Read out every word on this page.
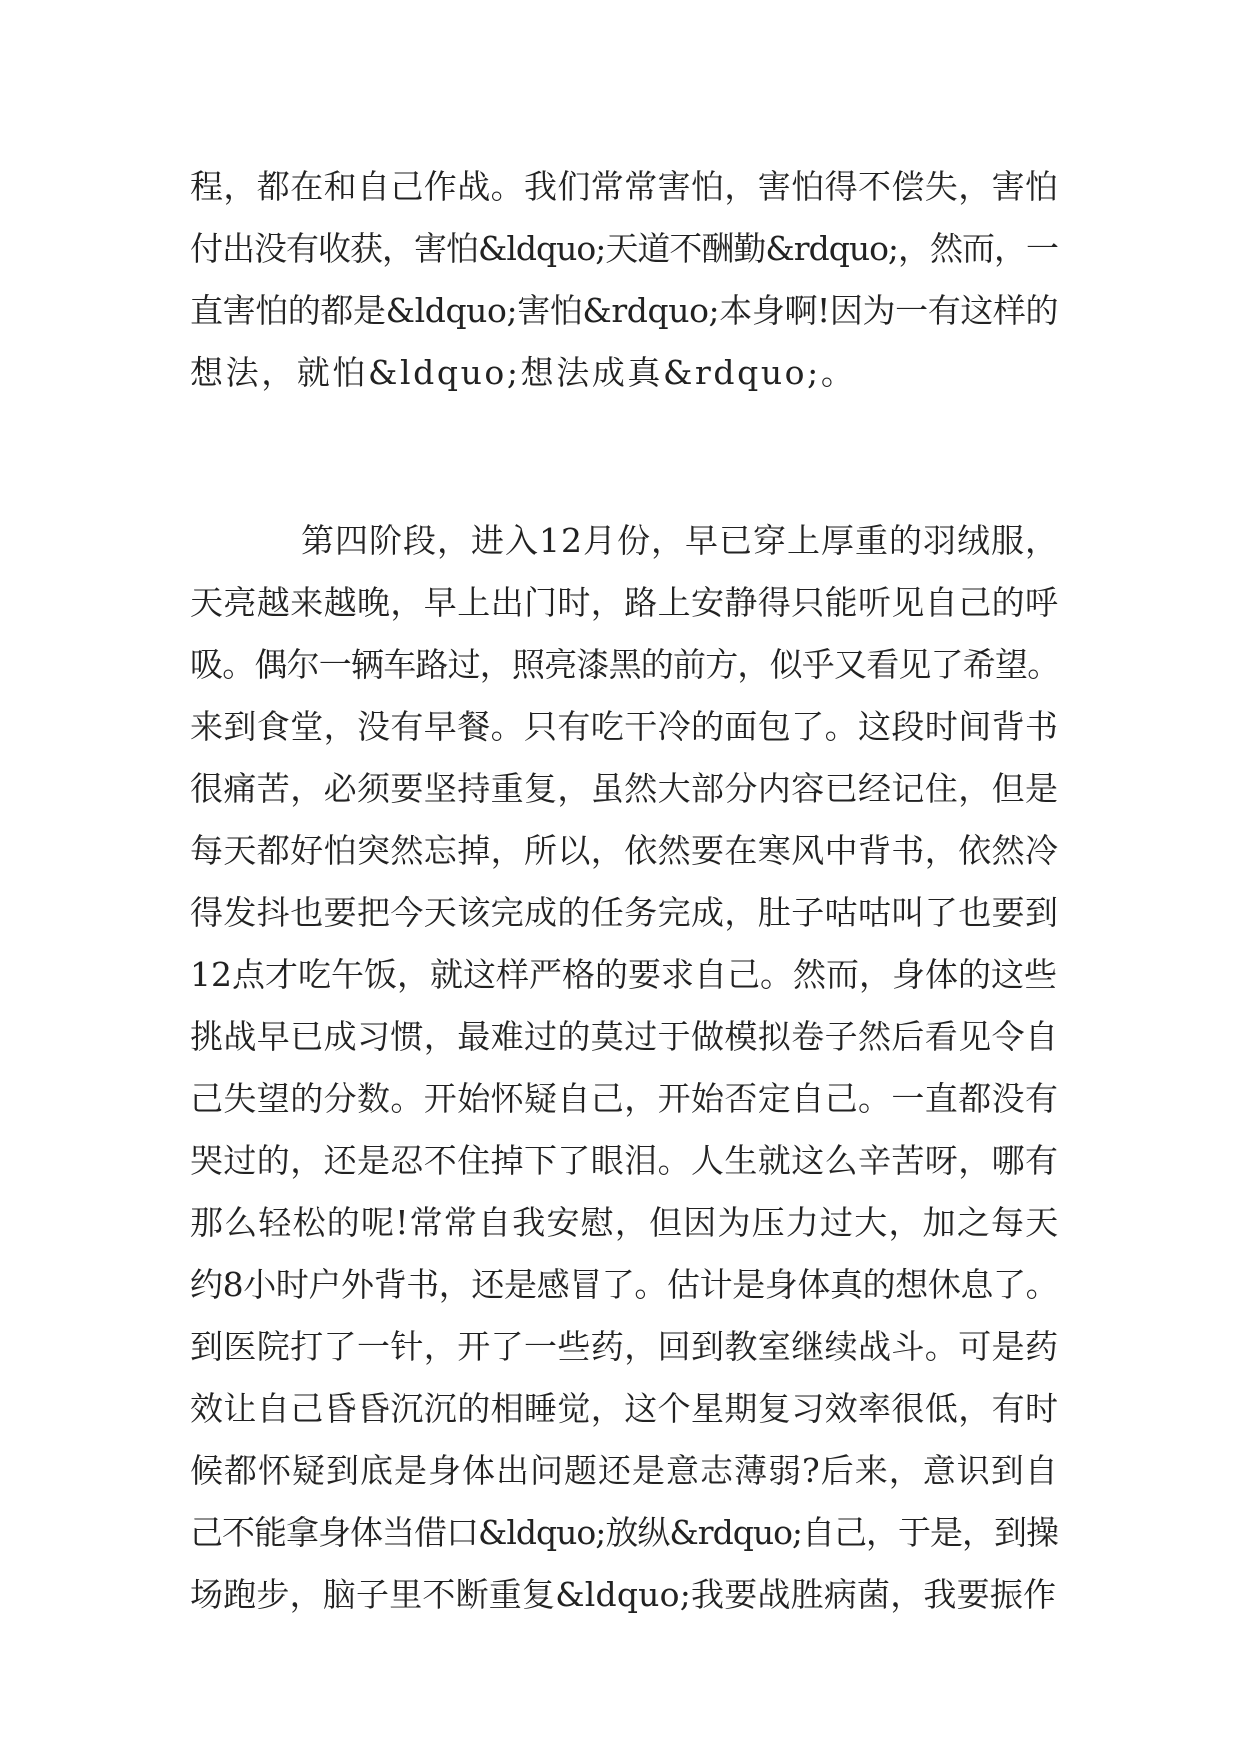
程，都在和自己作战。我们常常害怕，害怕得不偿失，害怕
付出没有收获，害怕&ldquo;天道不酬勤&rdquo;，然而，一
直害怕的都是&ldquo;害怕&rdquo;本身啊!因为一有这样的
想法，就怕&ldquo;想法成真&rdquo;。
第四阶段，进入12月份，早已穿上厚重的羽绒服，
天亮越来越晚，早上出门时，路上安静得只能听见自己的呼
吸。偶尔一辆车路过，照亮漆黑的前方，似乎又看见了希望。
来到食堂，没有早餐。只有吃干冷的面包了。这段时间背书
很痛苦，必须要坚持重复，虽然大部分内容已经记住，但是
每天都好怕突然忘掉，所以，依然要在寒风中背书，依然冷
得发抖也要把今天该完成的任务完成，肚子咕咕叫了也要到
12点才吃午饭，就这样严格的要求自己。然而，身体的这些
挑战早已成习惯，最难过的莫过于做模拟卷子然后看见令自
己失望的分数。开始怀疑自己，开始否定自己。一直都没有
哭过的，还是忍不住掉下了眼泪。人生就这么辛苦呀，哪有
那么轻松的呢!常常自我安慰，但因为压力过大，加之每天
约8小时户外背书，还是感冒了。估计是身体真的想休息了。
到医院打了一针，开了一些药，回到教室继续战斗。可是药
效让自己昏昏沉沉的相睡觉，这个星期复习效率很低，有时
候都怀疑到底是身体出问题还是意志薄弱?后来，意识到自
己不能拿身体当借口&ldquo;放纵&rdquo;自己，于是，到操
场跑步，脑子里不断重复&ldquo;我要战胜病菌，我要振作
